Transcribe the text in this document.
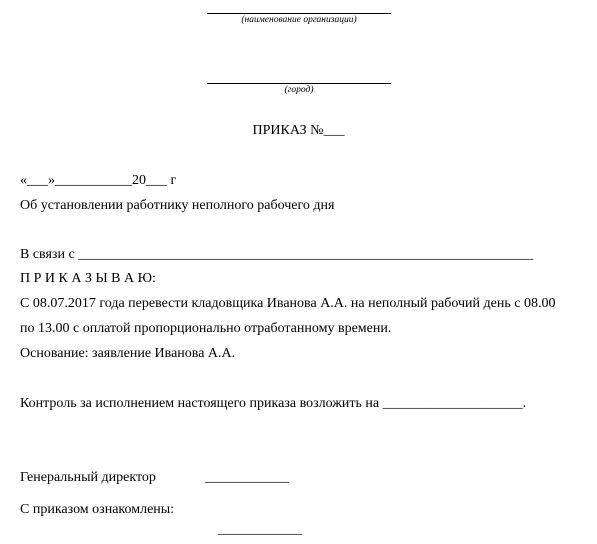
(наименование организации)
(город)
ПРИКАЗ №___
«___»___________20___ г
Об установлении работнику неполного рабочего дня
В связи с _________________________________________________________________
П Р И К А З Ы В А Ю:
С 08.07.2017 года перевести кладовщика Иванова А.А. на неполный рабочий день с 08.00
по 13.00 с оплатой пропорционально отработанному времени.
Основание: заявление Иванова А.А.
Контроль за исполнением настоящего приказа возложить на ____________________.
Генеральный директор	____________
С приказом ознакомлены:
____________
